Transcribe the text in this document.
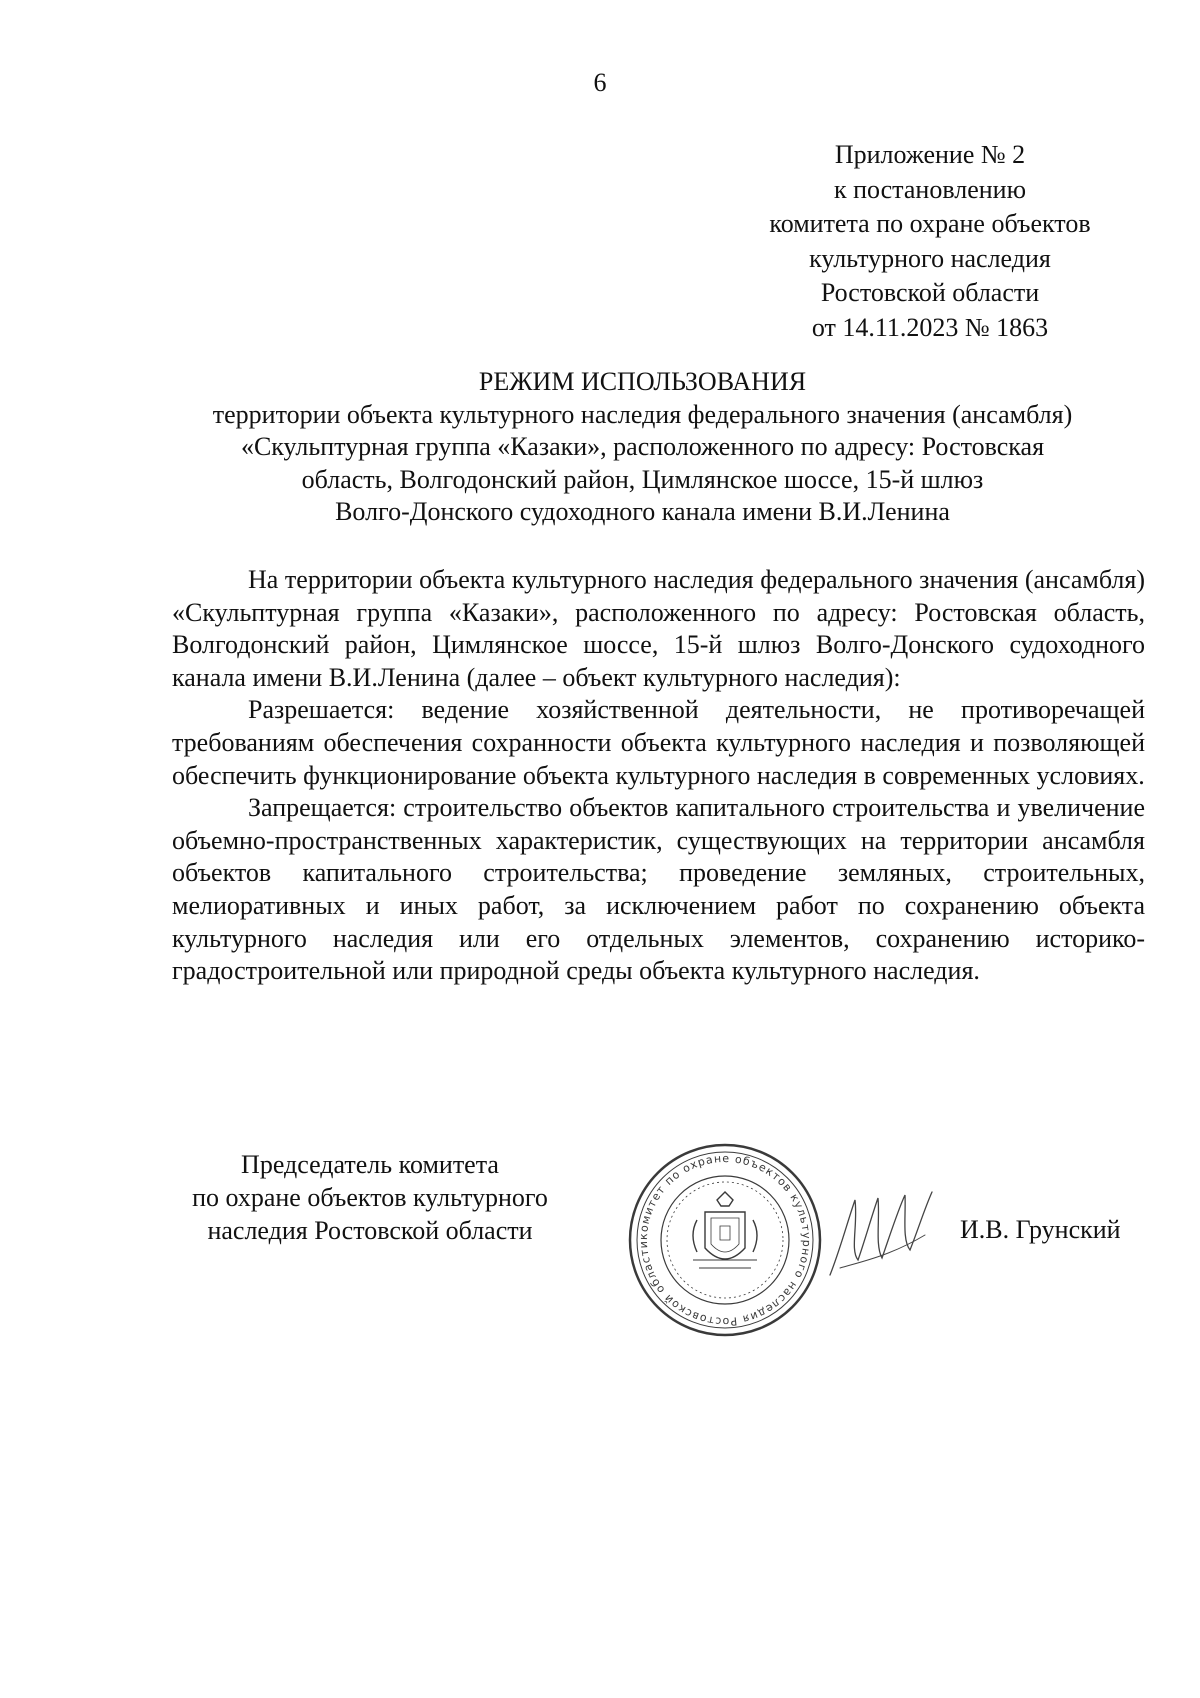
6
Приложение № 2
к постановлению
комитета по охране объектов
культурного наследия
Ростовской области
от 14.11.2023 № 1863
РЕЖИМ ИСПОЛЬЗОВАНИЯ
территории объекта культурного наследия федерального значения (ансамбля)
«Скульптурная группа «Казаки», расположенного по адресу: Ростовская
область, Волгодонский район, Цимлянское шоссе, 15-й шлюз
Волго-Донского судоходного канала имени В.И.Ленина

На территории объекта культурного наследия федерального значения (ансамбля) «Скульптурная группа «Казаки», расположенного по адресу: Ростовская область, Волгодонский район, Цимлянское шоссе, 15-й шлюз Волго-Донского судоходного канала имени В.И.Ленина (далее – объект культурного наследия):

Разрешается: ведение хозяйственной деятельности, не противоречащей требованиям обеспечения сохранности объекта культурного наследия и позволяющей обеспечить функционирование объекта культурного наследия в современных условиях.

Запрещается: строительство объектов капитального строительства и увеличение объемно-пространственных характеристик, существующих на территории ансамбля объектов капитального строительства; проведение земляных, строительных, мелиоративных и иных работ, за исключением работ по сохранению объекта культурного наследия или его отдельных элементов, сохранению историко-градостроительной или природной среды объекта культурного наследия.

Председатель комитета
по охране объектов культурного
наследия Ростовской области	комитет по охране объектов культурного наследия Ростовской области
И.В. Грунский
